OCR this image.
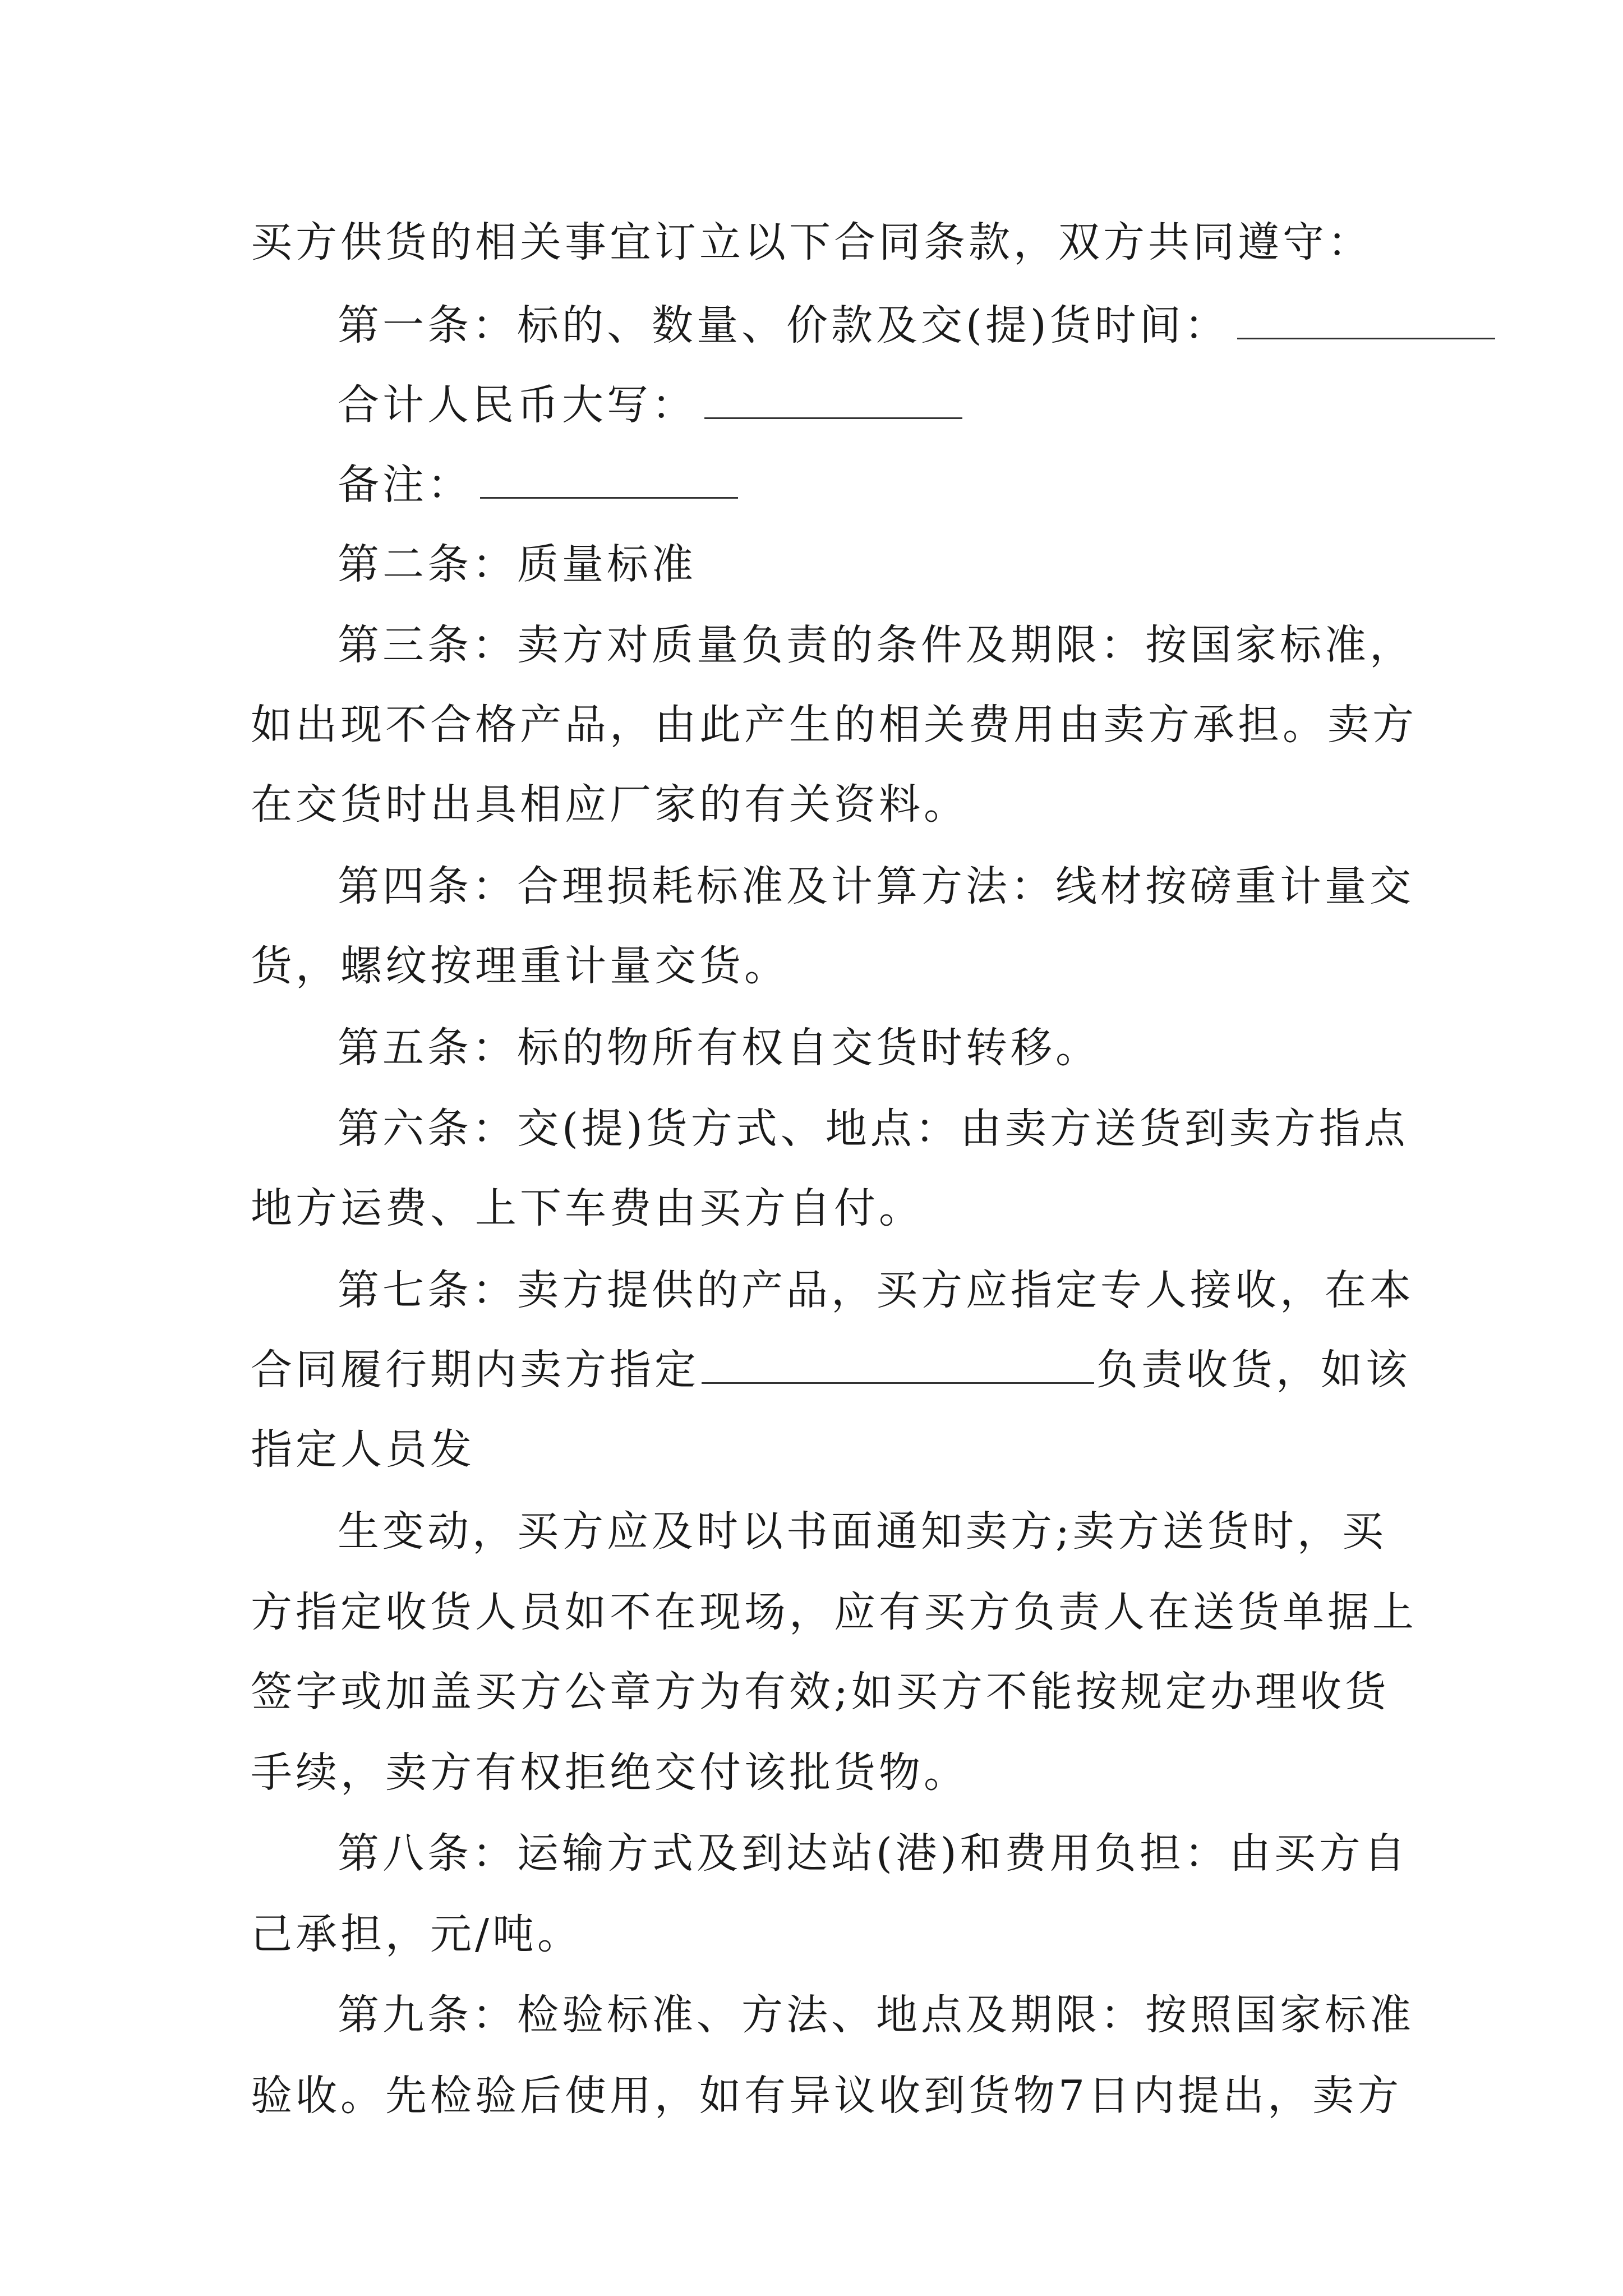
买方供货的相关事宜订立以下合同条款，双方共同遵守：
第一条：标的、数量、价款及交(提)货时间：
合计人民币大写：
备注：
第二条：质量标准
第三条：卖方对质量负责的条件及期限：按国家标准，
如出现不合格产品，由此产生的相关费用由卖方承担。卖方
在交货时出具相应厂家的有关资料。
第四条：合理损耗标准及计算方法：线材按磅重计量交
货，螺纹按理重计量交货。
第五条：标的物所有权自交货时转移。
第六条：交(提)货方式、地点：由卖方送货到卖方指点
地方运费、上下车费由买方自付。
第七条：卖方提供的产品，买方应指定专人接收，在本
合同履行期内卖方指定	负责收货，如该
指定人员发
生变动，买方应及时以书面通知卖方;卖方送货时，买
方指定收货人员如不在现场，应有买方负责人在送货单据上
签字或加盖买方公章方为有效;如买方不能按规定办理收货
手续，卖方有权拒绝交付该批货物。
第八条：运输方式及到达站(港)和费用负担：由买方自
己承担，元/吨。
第九条：检验标准、方法、地点及期限：按照国家标准
验收。先检验后使用，如有异议收到货物7日内提出，卖方
